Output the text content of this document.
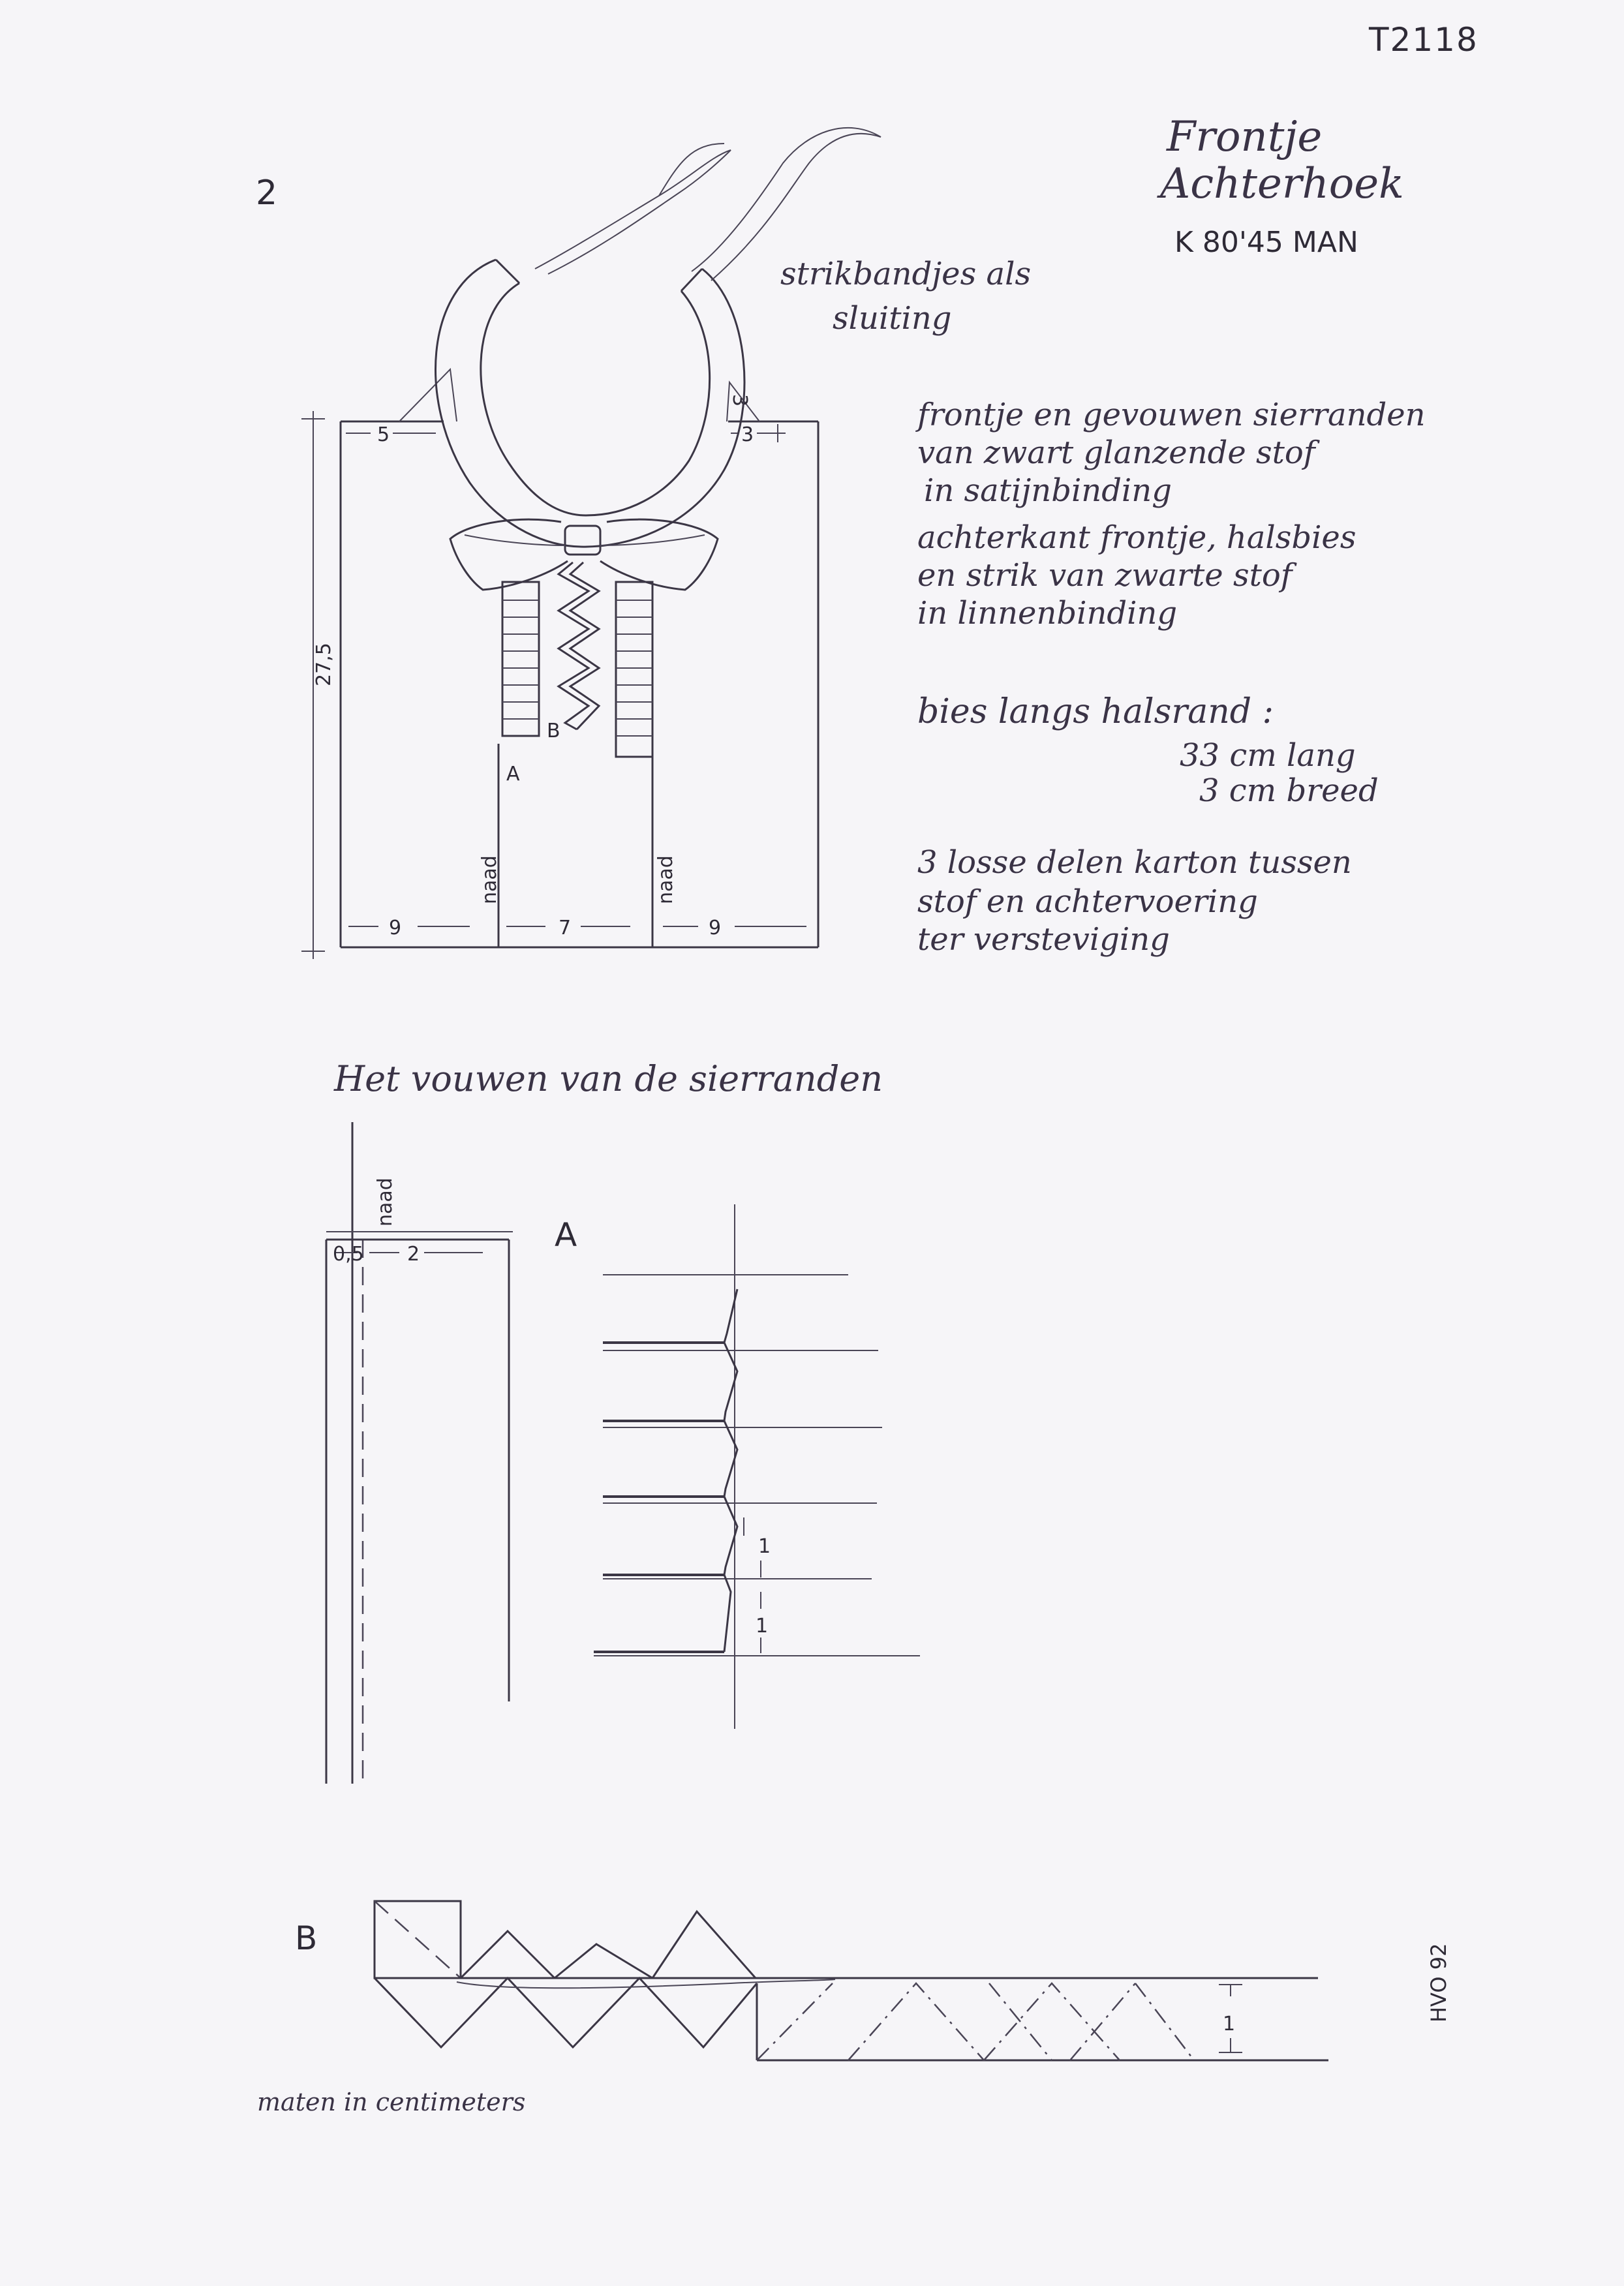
T2118
2
Frontje
Achterhoek
K 80'45 MAN
strikbandjes als
sluiting
frontje en gevouwen sierranden
van zwart glanzende stof
in satijnbinding
achterkant frontje, halsbies
en strik van zwarte stof
in linnenbinding
bies langs halsrand :
33 cm lang
3 cm breed
3 losse delen karton tussen
stof en achtervoering
ter versteviging
Het vouwen van de sierranden
maten in centimeters
HVO 92
27,5
5	3
3
B
A
naad	naad
9	7	9
0,5 2
naad
A
1
1
B
1
